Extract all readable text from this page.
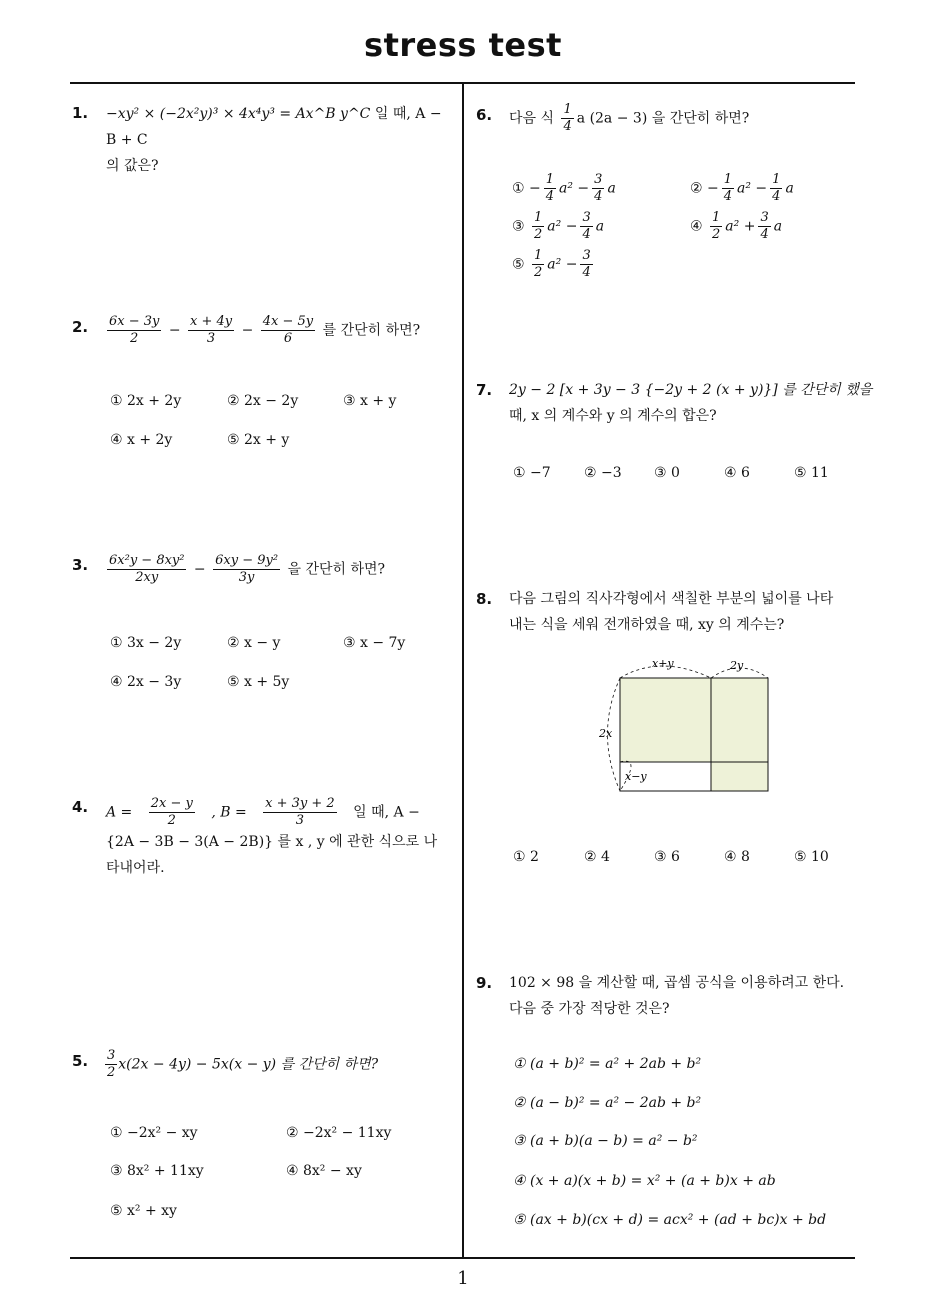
stress test
1. −xy² × (−2x²y)³ × 4x⁴y³ = Ax^B y^C 일 때, A − B + C
의 값은?
2. $\frac{6x - 3y}{2} - \frac{x + 4y}{3} - \frac{4x - 5y}{6}$ 를 간단히 하면?
① 2x + 2y	② 2x − 2y	③ x + y
④ x + 2y	⑤ 2x + y
3. $\frac{\text{6x²y − 8xy²}}{2xy} - \frac{\text{6xy − 9y²}}{3y}$ 을 간단히 하면?
① 3x − 2y	② x − y	③ x − 7y
④ 2x − 3y	⑤ x + 5y
4. $A = \frac{2x - y}{2}$ , $B = \frac{x + 3y + 2}{3}$ 일 때, A −
{2A − 3B − 3(A − 2B)} 를 x , y 에 관한 식으로 나
타내어라.
5. $\frac{3}{2} x(2x - 4y) - 5x(x - y)$ 를 간단히 하면?
① −2x² − xy	② −2x² − 11xy
③ 8x² + 11xy	④ 8x² − xy
⑤ x² + xy
6. 다음 식 $\frac{1}{4}$ a (2a − 3) 을 간단히 하면?
① − $\frac{1}{4} a^2 - \frac{3}{4}$ a	② − $\frac{1}{4} a^2 - \frac{1}{4}$ a
③ $\frac{1}{2} a^2 - \frac{3}{4}$ a	④ $\frac{1}{2} a^2 + \frac{3}{4}$ a
⑤ $\frac{1}{2} a^2 - \frac{3}{4}$
7. 2y − 2 [x + 3y − 3 {−2y + 2 (x + y)}] 를 간단히 했을
때, x 의 계수와 y 의 계수의 합은?
① −7 ② −3 ③ 0	④ 6	⑤ 11
8. 다음 그림의 직사각형에서 색칠한 부분의 넓이를 나타
내는 식을 세워 전개하였을 때, xy 의 계수는?
x+y	2y
2x
x−y
① 2	② 4	③ 6	④ 8	⑤ 10
9. 102 × 98 을 계산할 때, 곱셈 공식을 이용하려고 한다.
다음 중 가장 적당한 것은?
① (a + b)² = a² + 2ab + b²
② (a − b)² = a² − 2ab + b²
③ (a + b)(a − b) = a² − b²
④ (x + a)(x + b) = x² + (a + b)x + ab
⑤ (ax + b)(cx + d) = acx² + (ad + bc)x + bd
1
